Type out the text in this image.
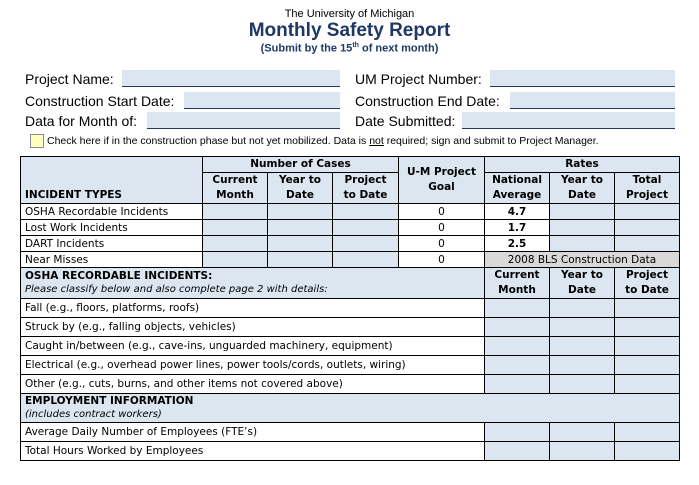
The University of Michigan
Monthly Safety Report
(Submit by the 15th of next month)
Project Name:	UM Project Number:
Construction Start Date:	Construction End Date:
Data for Month of:	Date Submitted:
Check here if in the construction phase but not yet mobilized. Data is not required; sign and submit to Project Manager.
INCIDENT TYPES	Number of Cases			U-M Project Goal	Rates		
	Current Month	Year to Date	Project to Date		National Average	Year to Date	Total Project

OSHA Recordable Incidents				0	4.7		
Lost Work Incidents				0	1.7		
DART Incidents				0	2.5		
Near Misses				0	2008 BLS Construction Data		

OSHA RECORDABLE INCIDENTS:
Please classify below and also complete page 2 with details:					Current Month	Year to Date	Project to Date
Fall (e.g., floors, platforms, roofs)							
Struck by (e.g., falling objects, vehicles)							
Caught in/between (e.g., cave-ins, unguarded machinery, equipment)							
Electrical (e.g., overhead power lines, power tools/cords, outlets, wiring)							
Other (e.g., cuts, burns, and other items not covered above)							

EMPLOYMENT INFORMATION
(includes contract workers)							

Average Daily Number of Employees (FTE’s)							
Total Hours Worked by Employees							
